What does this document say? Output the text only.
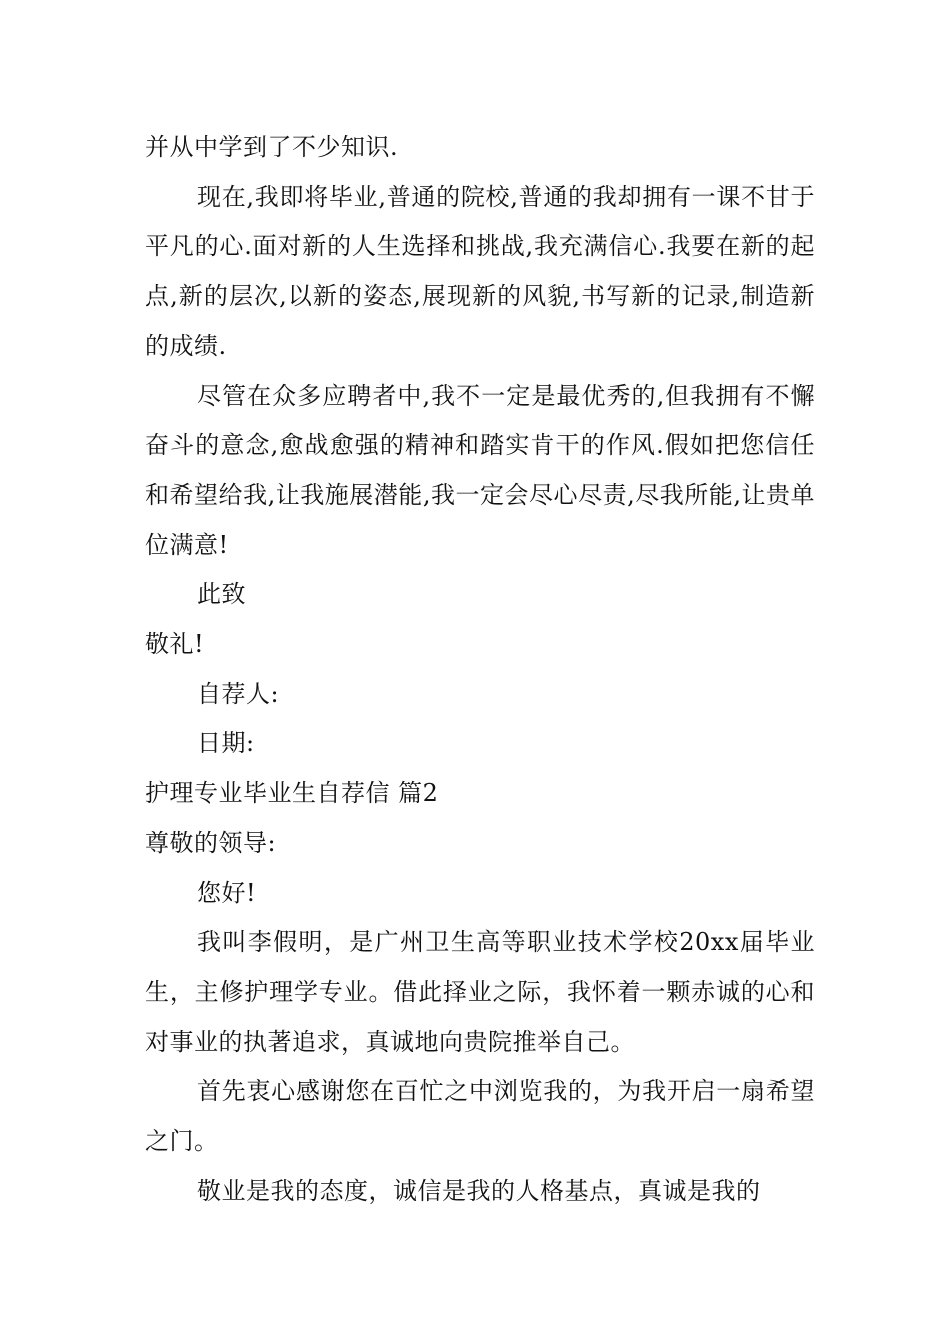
并从中学到了不少知识.

现在,我即将毕业,普通的院校,普通的我却拥有一课不甘于平凡的心.面对新的人生选择和挑战,我充满信心.我要在新的起点,新的层次,以新的姿态,展现新的风貌,书写新的记录,制造新的成绩.

尽管在众多应聘者中,我不一定是最优秀的,但我拥有不懈奋斗的意念,愈战愈强的精神和踏实肯干的作风.假如把您信任和希望给我,让我施展潜能,我一定会尽心尽责,尽我所能,让贵单位满意!

此致

敬礼!

自荐人:

日期:

护理专业毕业生自荐信 篇2

尊敬的领导:

您好!

我叫李假明，是广州卫生高等职业技术学校20xx届毕业生，主修护理学专业。借此择业之际，我怀着一颗赤诚的心和对事业的执著追求，真诚地向贵院推举自己。

首先衷心感谢您在百忙之中浏览我的，为我开启一扇希望之门。

敬业是我的态度，诚信是我的人格基点，真诚是我的
